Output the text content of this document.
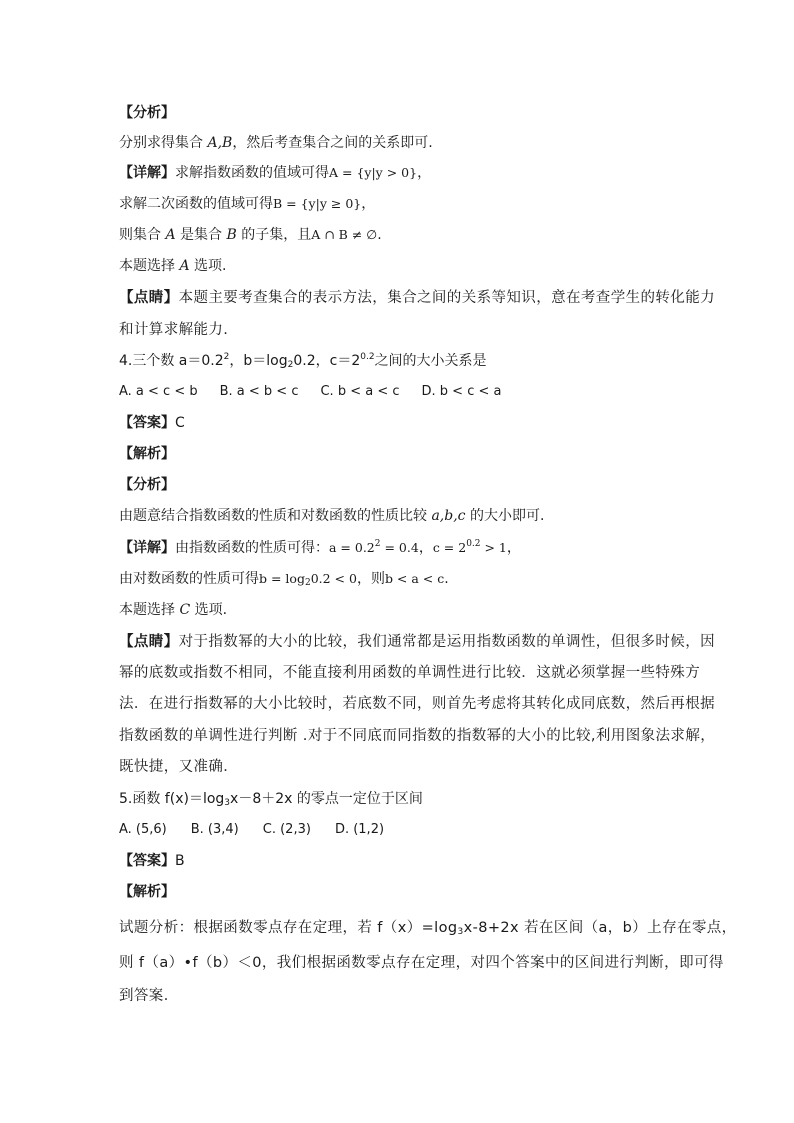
【分析】
分别求得集合 A,B，然后考查集合之间的关系即可.
【详解】求解指数函数的值域可得A = {y|y > 0}，
求解二次函数的值域可得B = {y|y ≥ 0}，
则集合 A 是集合 B 的子集，且A ∩ B ≠ ∅.
本题选择 A 选项.
【点睛】本题主要考查集合的表示方法，集合之间的关系等知识，意在考查学生的转化能力
和计算求解能力.
4.三个数 $a=0.2^2$，$b=\log_20.2$，$c=2^{0.2}$之间的大小关系是
A. a < c < b B. a < b < c C. b < a < c D. b < c < a
【答案】C
【解析】
【分析】
由题意结合指数函数的性质和对数函数的性质比较 a,b,c 的大小即可.
【详解】由指数函数的性质可得：$a = 0.2^2 = 0.4$，$c = 2^{0.2} > 1$，
由对数函数的性质可得$b = \log_20.2 < 0$，则b < a < c.
本题选择 C 选项.
【点睛】对于指数幂的大小的比较，我们通常都是运用指数函数的单调性，但很多时候，因
幂的底数或指数不相同，不能直接利用函数的单调性进行比较．这就必须掌握一些特殊方
法．在进行指数幂的大小比较时，若底数不同，则首先考虑将其转化成同底数，然后再根据
指数函数的单调性进行判断 .对于不同底而同指数的指数幂的大小的比较,利用图象法求解，
既快捷，又准确．
5.函数 $f(x)=\log_3x-8+2x$ 的零点一定位于区间
A. (5,6) B. (3,4) C. (2,3) D. (1,2)
【答案】B
【解析】
试题分析：根据函数零点存在定理，若 $f(x)=\log_3x-8+2x$ 若在区间（a，b）上存在零点，
则 f（a）•f（b）＜0，我们根据函数零点存在定理，对四个答案中的区间进行判断，即可得
到答案．
